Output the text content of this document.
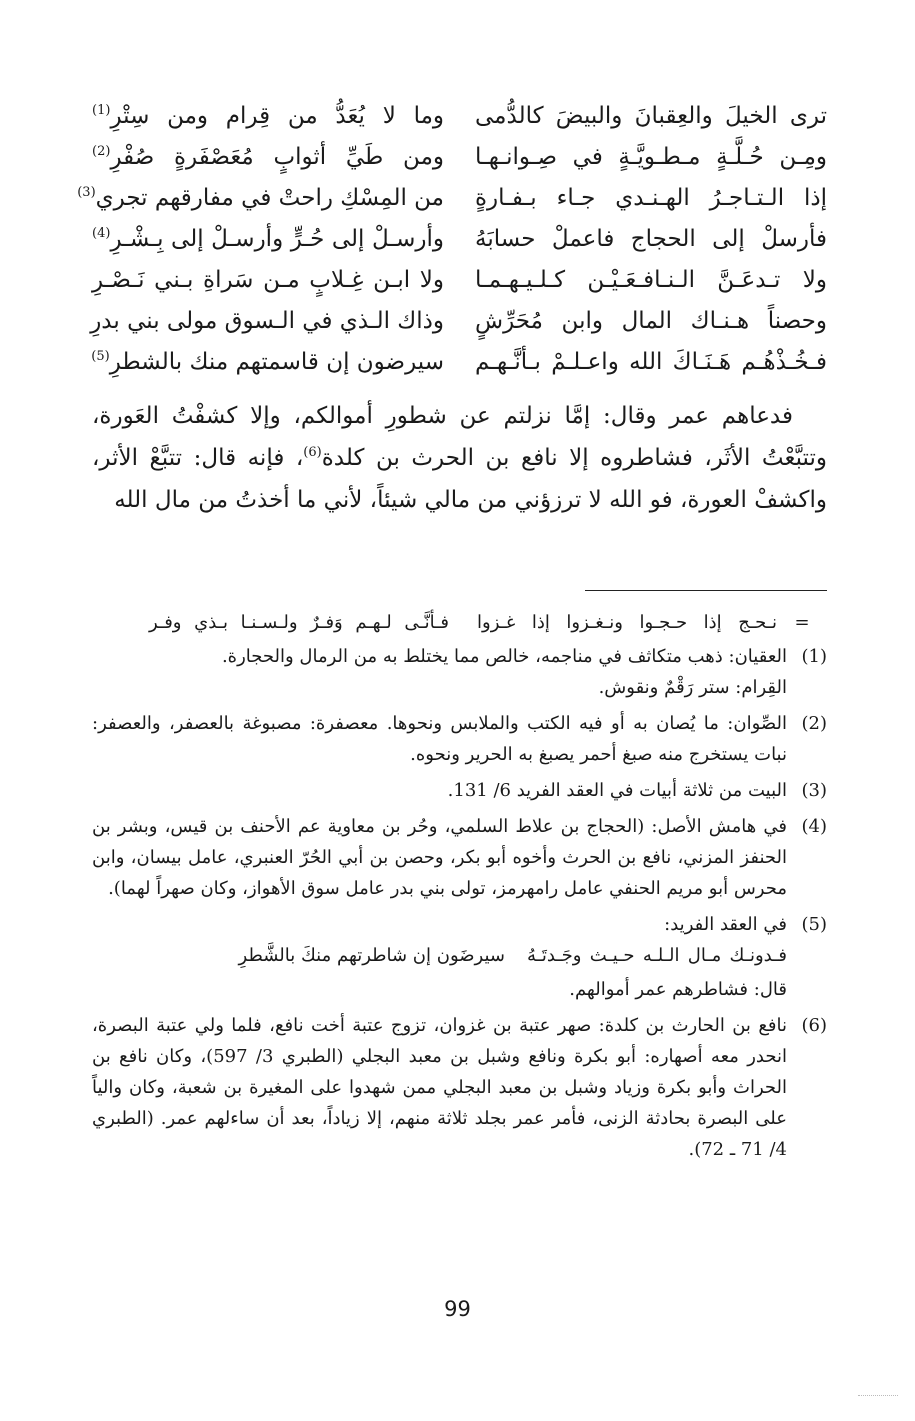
ترى الخيلَ والعِقبانَ والبيضَ كالدُّمى
وما لا يُعَدُّ من قِرام ومن سِتْرِ$^{(1)}$
ومِـن حُـلَّـةٍ مـطـويَّـةٍ في صِـوانـهـا
ومن طَيِّ أثوابٍ مُعَصْفَرةٍ صُفْرِ$^{(2)}$
إذا الـتـاجـرُ الهـنـدي جـاء بـفـارةٍ
من المِسْكِ راحتْ في مفارقهم تجري$^{(3)}$
فأرسلْ إلى الحجاج فاعملْ حسابَهُ
وأرسـلْ إلى حُـرٍّ وأرسـلْ إلى بِـشْـرِ$^{(4)}$
ولا تـدعَـنَّ الـنـافـعَـيْـن كـلـيـهـمـا
ولا ابـن غِـلابٍ مـن سَراةِ بـني نَـصْـرِ
وحصناً هـنـاك المال وابن مُحَرِّشٍ
وذاك الـذي في الـسوق مولى بني بدرِ
فـخُـذْهُـم هَـنَـاكَ الله واعـلـمْ بـأنَّـهـم
سيرضون إن قاسمتهم منك بالشطرِ$^{(5)}$

فدعاهم عمر وقال: إمَّا نزلتم عن شطورِ أموالكم، وإلا كشفْتُ العَورة، وتتبَّعْتُ الأثَر، فشاطروه إلا نافع بن الحرث بن كلدة$^{(6)}$، فإنه قال: تتبَّعْ الأثر، واكشفْ العورة، فو الله لا ترزؤني من مالي شيئاً، لأني ما أخذتُ من مال الله

=
نـحـج إذا حـجـوا ونـغـزوا إذا غـزوا
فـأنَّـى لـهـم وَفـرٌ ولـسـنـا بـذي وفـر
(1)

العقيان: ذهب متكاثف في مناجمه، خالص مما يختلط به من الرمال والحجارة.

القِرام: ستر رَقْمٌ ونقوش.

(2)

الصِّوان: ما يُصان به أو فيه الكتب والملابس ونحوها. معصفرة: مصبوغة بالعصفر، والعصفر: نبات يستخرج منه صبغ أحمر يصبغ به الحرير ونحوه.

(3)

البيت من ثلاثة أبيات في العقد الفريد 6/ 131.

(4)

في هامش الأصل: (الحجاج بن علاط السلمي، وحُر بن معاوية عم الأحنف بن قيس، وبشر بن الحنفز المزني، نافع بن الحرث وأخوه أبو بكر، وحصن بن أبي الحُرّ العنبري، عامل بيسان، وابن محرس أبو مريم الحنفي عامل رامهرمز، تولى بني بدر عامل سوق الأهواز، وكان صهراً لهما).

(5)

في العقد الفريد:

فـدونـك مـال الـلـه حـيـث وجَـدتَـهُ
سيرضَون إن شاطرتهم منكَ بالشَّطرِ

قال: فشاطرهم عمر أموالهم.

(6)

نافع بن الحارث بن كلدة: صهر عتبة بن غزوان، تزوج عتبة أخت نافع، فلما ولي عتبة البصرة، انحدر معه أصهاره: أبو بكرة ونافع وشبل بن معبد البجلي (الطبري 3/ 597)، وكان نافع بن الحراث وأبو بكرة وزياد وشبل بن معبد البجلي ممن شهدوا على المغيرة بن شعبة، وكان والياً على البصرة بحادثة الزنى، فأمر عمر بجلد ثلاثة منهم، إلا زياداً، بعد أن ساءلهم عمر. (الطبري 4/ 71 ـ 72).

99
